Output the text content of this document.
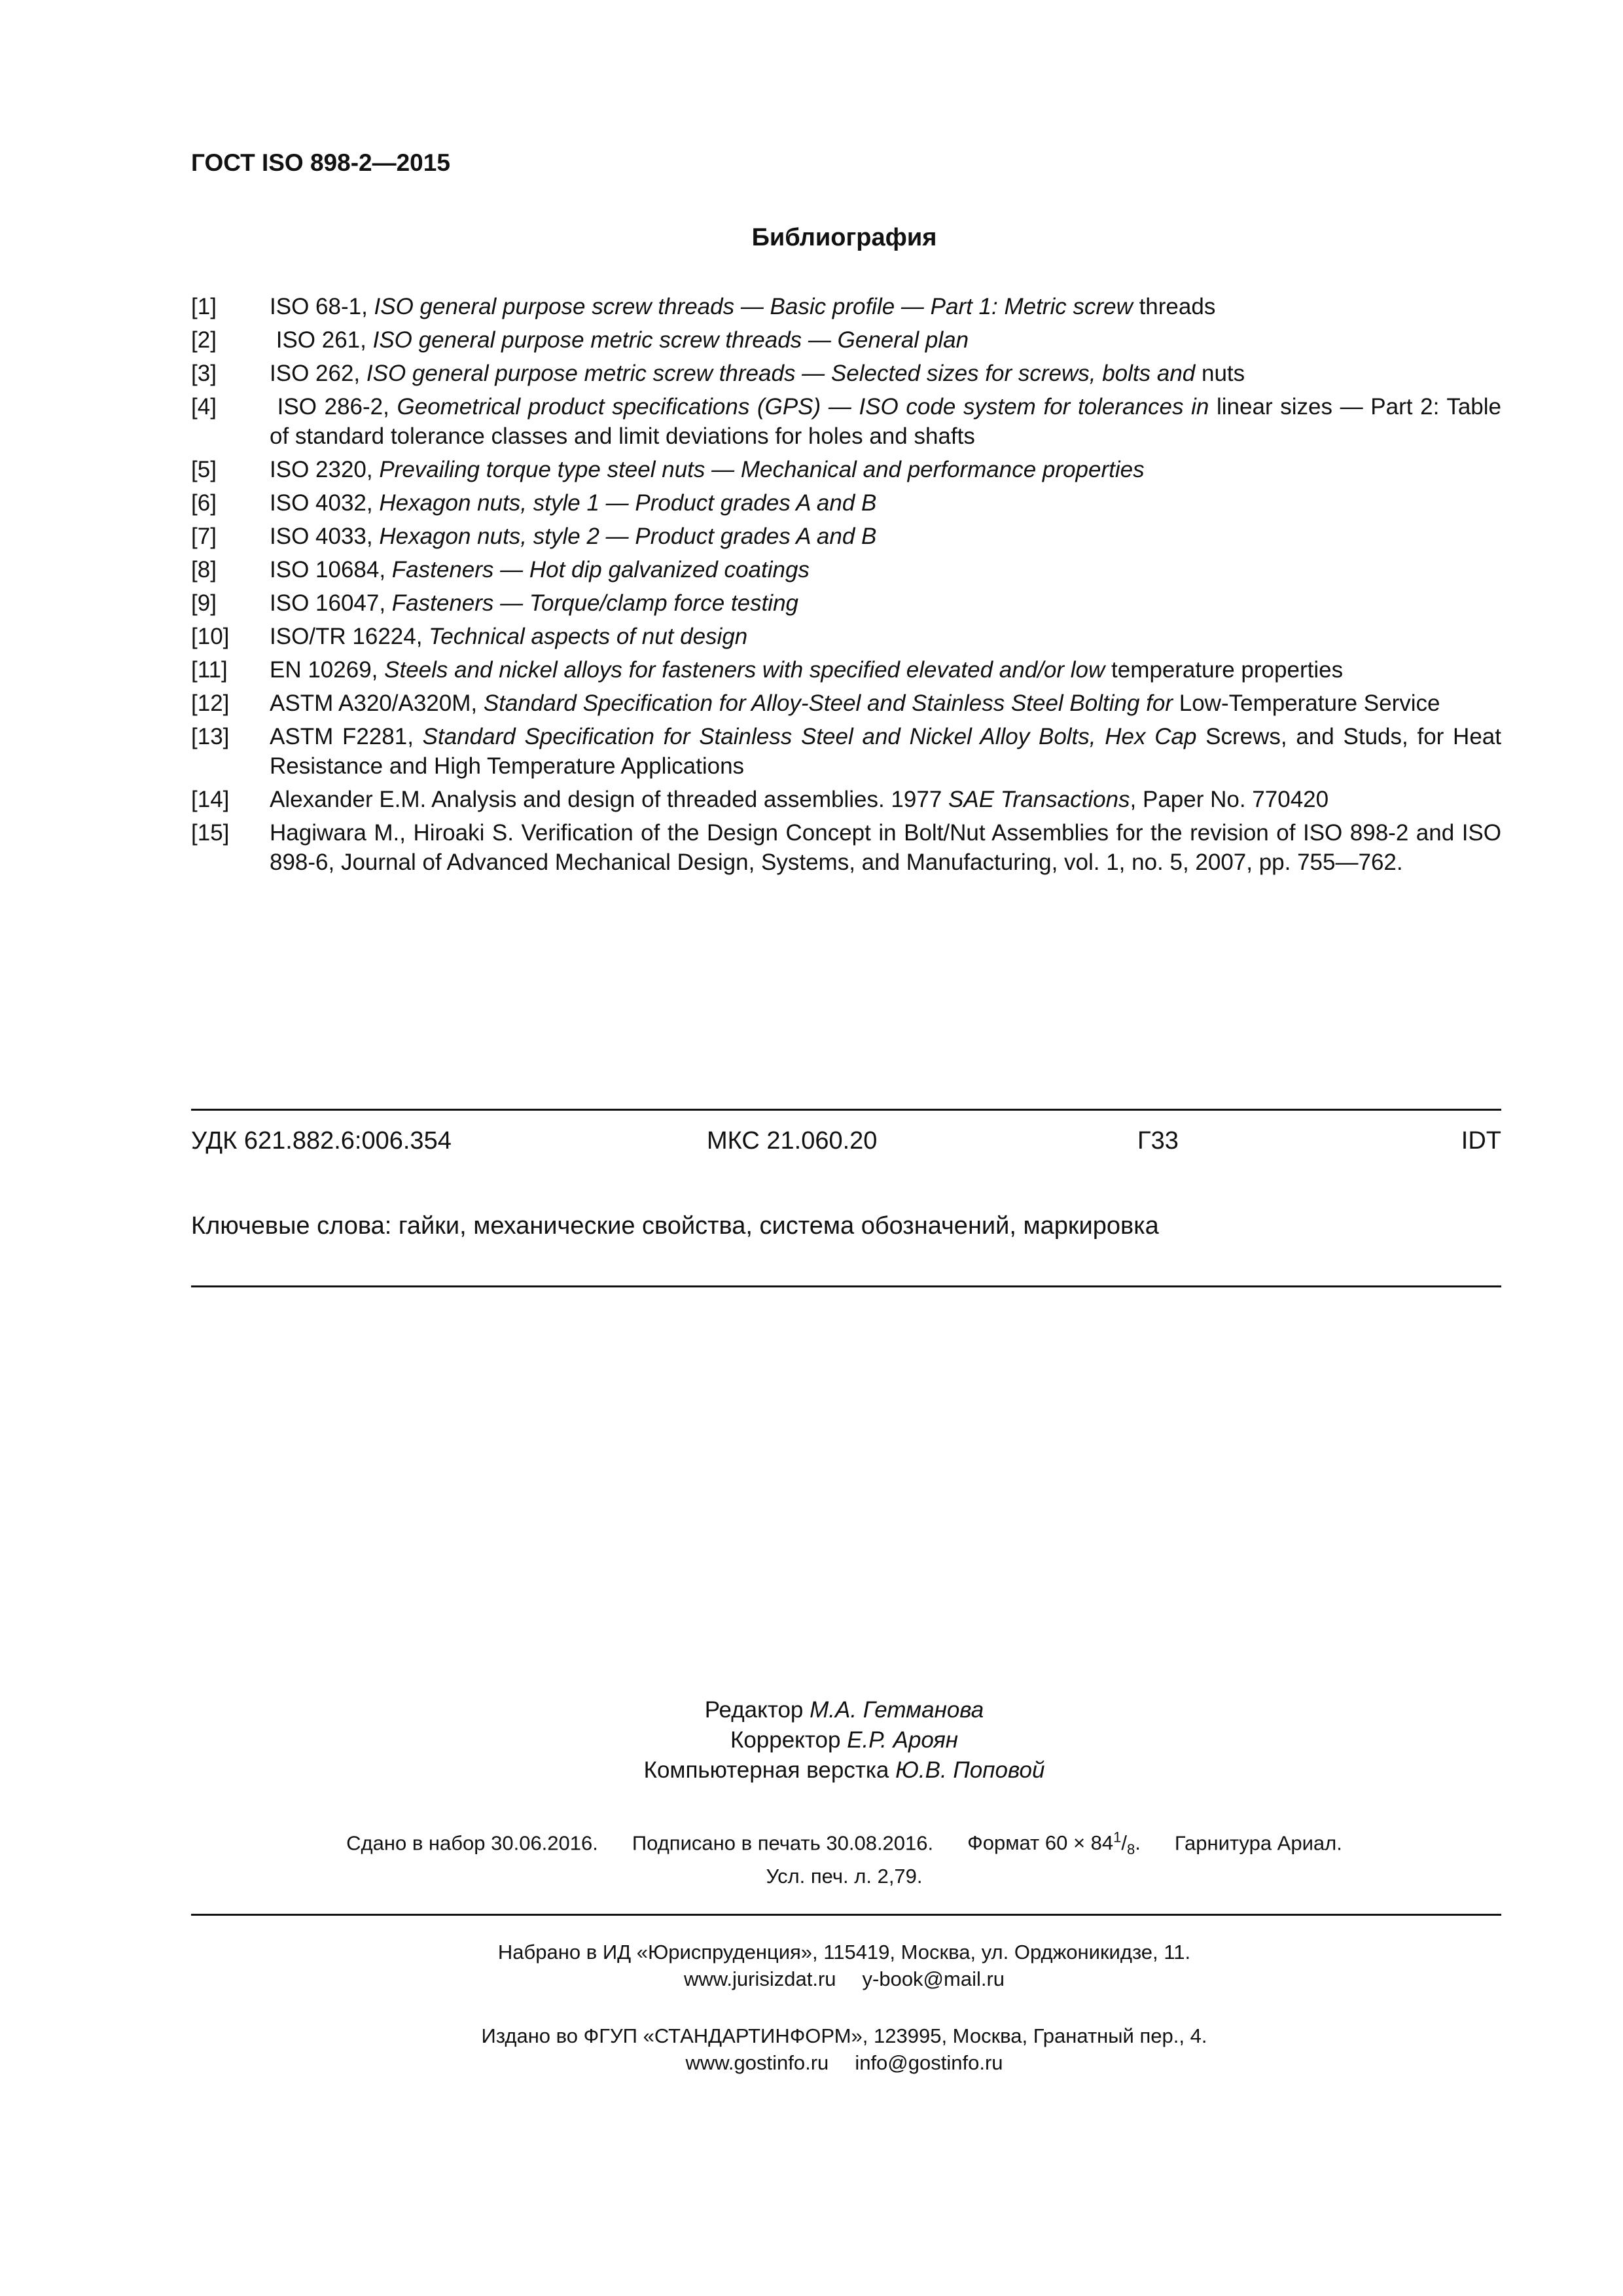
ГОСТ ISO 898-2—2015
Библиография
[1]	ISO 68-1, ISO general purpose screw threads — Basic profile — Part 1: Metric screw threads
[2]	ISO 261, ISO general purpose metric screw threads — General plan
[3]	ISO 262, ISO general purpose metric screw threads — Selected sizes for screws, bolts and nuts
[4]	ISO 286-2, Geometrical product specifications (GPS) — ISO code system for tolerances in linear sizes — Part 2: Table of standard tolerance classes and limit deviations for holes and shafts
[5]	ISO 2320, Prevailing torque type steel nuts — Mechanical and performance properties
[6]	ISO 4032, Hexagon nuts, style 1 — Product grades A and B
[7]	ISO 4033, Hexagon nuts, style 2 — Product grades A and B
[8]	ISO 10684, Fasteners — Hot dip galvanized coatings
[9]	ISO 16047, Fasteners — Torque/clamp force testing
[10]	ISO/TR 16224, Technical aspects of nut design
[11]	EN 10269, Steels and nickel alloys for fasteners with specified elevated and/or low temperature properties
[12]	ASTM A320/A320M, Standard Specification for Alloy-Steel and Stainless Steel Bolting for Low-Temperature Service
[13]	ASTM F2281, Standard Specification for Stainless Steel and Nickel Alloy Bolts, Hex Cap Screws, and Studs, for Heat Resistance and High Temperature Applications
[14]	Alexander E.M. Analysis and design of threaded assemblies. 1977 SAE Transactions, Paper No. 770420
[15]	Hagiwara M., Hiroaki S. Verification of the Design Concept in Bolt/Nut Assemblies for the revision of ISO 898-2 and ISO 898-6, Journal of Advanced Mechanical Design, Systems, and Manufacturing, vol. 1, no. 5, 2007, pp. 755—762.
УДК 621.882.6:006.354	МКС 21.060.20	Г33	IDT
Ключевые слова: гайки, механические свойства, система обозначений, маркировка
Редактор М.А. Гетманова
Корректор Е.Р. Ароян
Компьютерная верстка Ю.В. Поповой
Сдано в набор 30.06.2016. Подписано в печать 30.08.2016. Формат $60 \times 84^1/_8$. Гарнитура Ариал.
Усл. печ. л. 2,79.
Набрано в ИД «Юриспруденция», 115419, Москва, ул. Орджоникидзе, 11.
www.jurisizdat.ru y-book@mail.ru
Издано во ФГУП «СТАНДАРТИНФОРМ», 123995, Москва, Гранатный пер., 4.
www.gostinfo.ru info@gostinfo.ru
